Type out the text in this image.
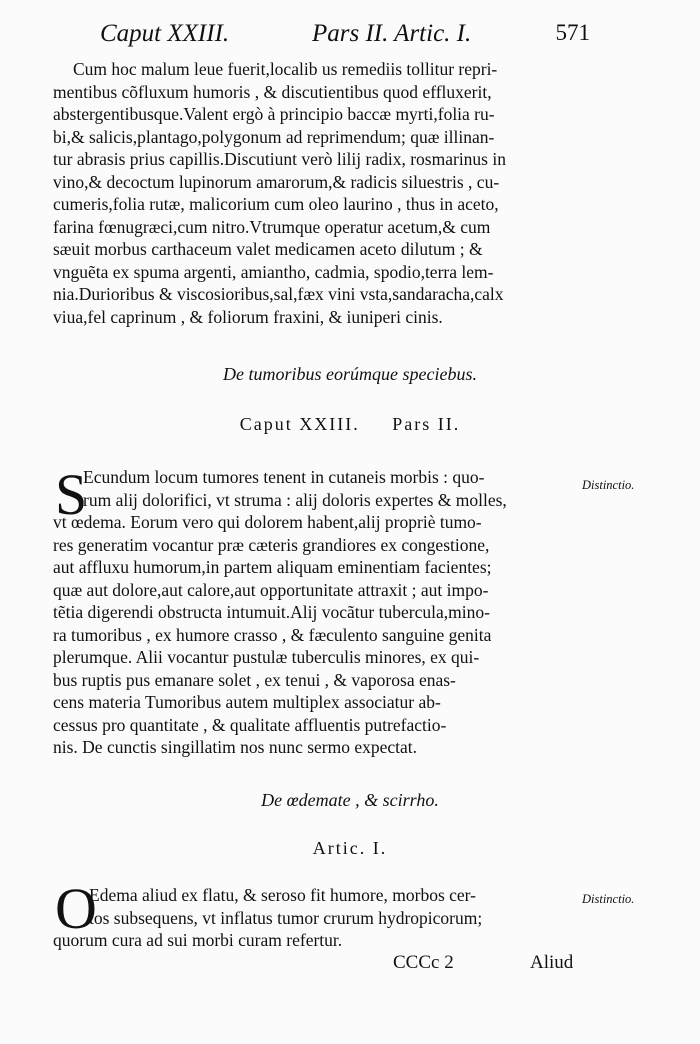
Caput XXIII.	Pars II. Artic. I.	571
Cum hoc malum leue fuerit,localib us remediis tollitur repri-
mentibus cõfluxum humoris , & discutientibus quod effluxerit,
abstergentibusque.Valent ergò à principio baccæ myrti,folia ru-
bi,& salicis,plantago,polygonum ad reprimendum; quæ illinan-
tur abrasis prius capillis.Discutiunt verò lilij radix, rosmarinus in
vino,& decoctum lupinorum amarorum,& radicis siluestris , cu-
cumeris,folia rutæ, malicorium cum oleo laurino , thus in aceto,
farina fœnugræci,cum nitro.Vtrumque operatur acetum,& cum
sæuit morbus carthaceum valet medicamen aceto dilutum ; &
vnguẽta ex spuma argenti, amiantho, cadmia, spodio,terra lem-
nia.Durioribus & viscosioribus,sal,fæx vini vsta,sandaracha,calx
viua,fel caprinum , & foliorum fraxini, & iuniperi cinis.
De tumoribus eorúmque speciebus.
Caput XXIII.     Pars II.
S
Ecundum locum tumores tenent in cutaneis morbis : quo-
rum alij dolorifici, vt struma : alij doloris expertes & molles,
vt œdema. Eorum vero qui dolorem habent,alij propriè tumo-
res generatim vocantur præ cæteris grandiores ex congestione,
aut affluxu humorum,in partem aliquam eminentiam facientes;
quæ aut dolore,aut calore,aut opportunitate attraxit ; aut impo-
tẽtia digerendi obstructa intumuit.Alij vocãtur tubercula,mino-
ra tumoribus , ex humore crasso , & fæculento sanguine genita
plerumque. Alii vocantur pustulæ tuberculis minores, ex qui-
bus ruptis pus emanare solet , ex tenui , & vaporosa enas-
cens materia Tumoribus autem multiplex associatur ab-
cessus pro quantitate , & qualitate affluentis putrefactio-
nis. De cunctis singillatim nos nunc sermo expectat.
Distinctio.
De œdemate , & scirrho.
Artic. I.
O
Edema aliud ex flatu, & seroso fit humore, morbos cer-
tos subsequens, vt inflatus tumor crurum hydropicorum;
quorum cura ad sui morbi curam refertur.
Distinctio.
CCCc 2	Aliud
